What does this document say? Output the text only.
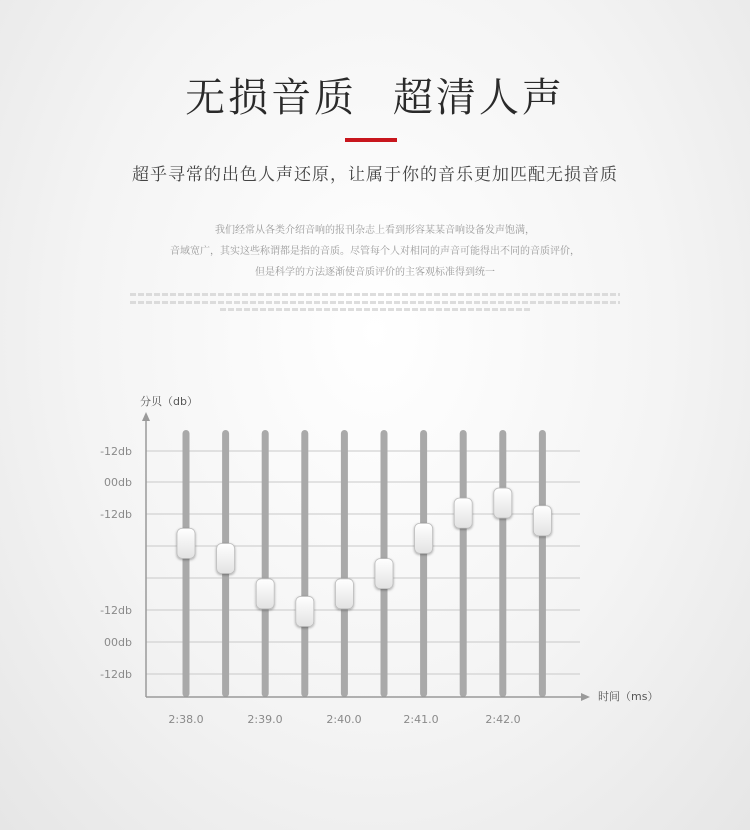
无损音质 超清人声
超乎寻常的出色人声还原，让属于你的音乐更加匹配无损音质
我们经常从各类介绍音响的报刊杂志上看到形容某某音响设备发声饱满，
音域宽广，其实这些称谓都是指的音质。尽管每个人对相同的声音可能得出不同的音质评价，
但是科学的方法逐渐使音质评价的主客观标准得到统一
分贝（db）
时间（ms）
-12db
00db
-12db
-12db
00db
-12db
2:38.0	2:39.0	2:40.0	2:41.0	2:42.0
